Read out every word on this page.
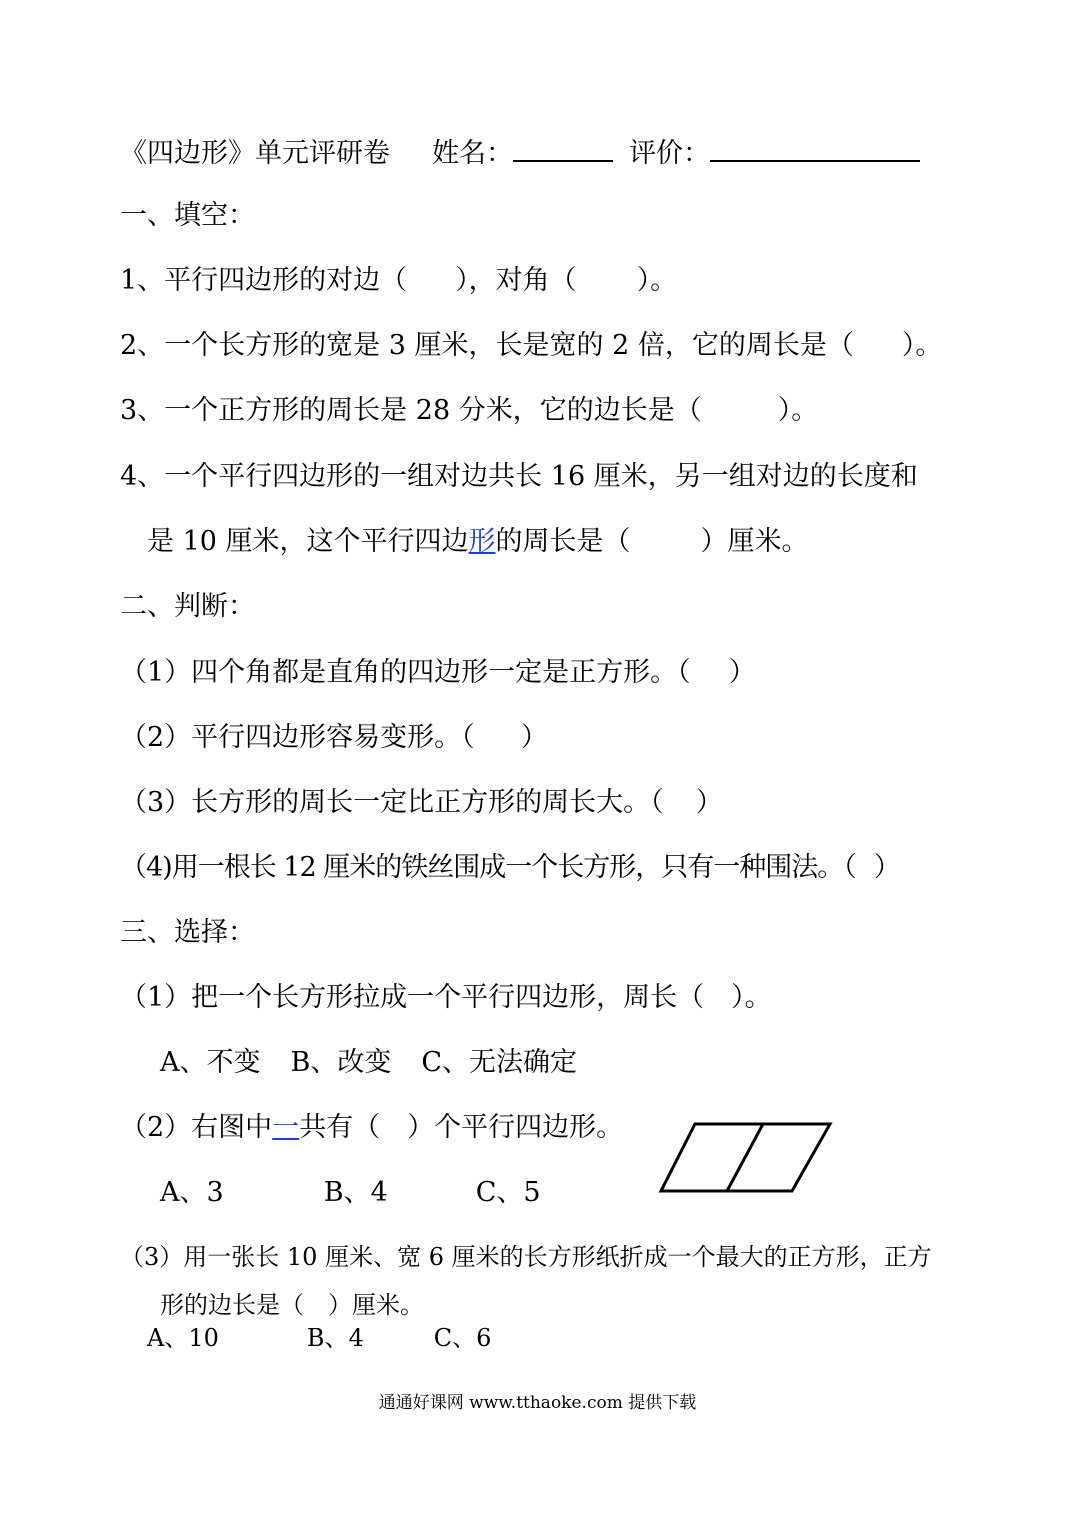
《四边形》单元评研卷 姓名：	评价：
一、填空：
1、平行四边形的对边（ ），对角（ ）。
2、一个长方形的宽是 3 厘米，长是宽的 2 倍，它的周长是（ ）。
3、一个正方形的周长是 28 分米，它的边长是（	）。
4、一个平行四边形的一组对边共长 16 厘米，另一组对边的长度和
是 10 厘米，这个平行四边形的周长是（	）厘米。
二、判断：
（1）四个角都是直角的四边形一定是正方形。（ ）
（2）平行四边形容易变形。（ ）
（3）长方形的周长一定比正方形的周长大。（ ）
（4)用一根长 12 厘米的铁丝围成一个长方形，只有一种围法。（ ）
三、选择：
（1）把一个长方形拉成一个平行四边形，周长（　）。
A、不变 B、改变 C、无法确定
（2）右图中一共有（　）个平行四边形。
A、3	B、4	C、5
（3）用一张长 10 厘米、宽 6 厘米的长方形纸折成一个最大的正方形，正方
形的边长是（　）厘米。
A、10	B、4	C、6
通通好课网 www.tthaoke.com 提供下载
